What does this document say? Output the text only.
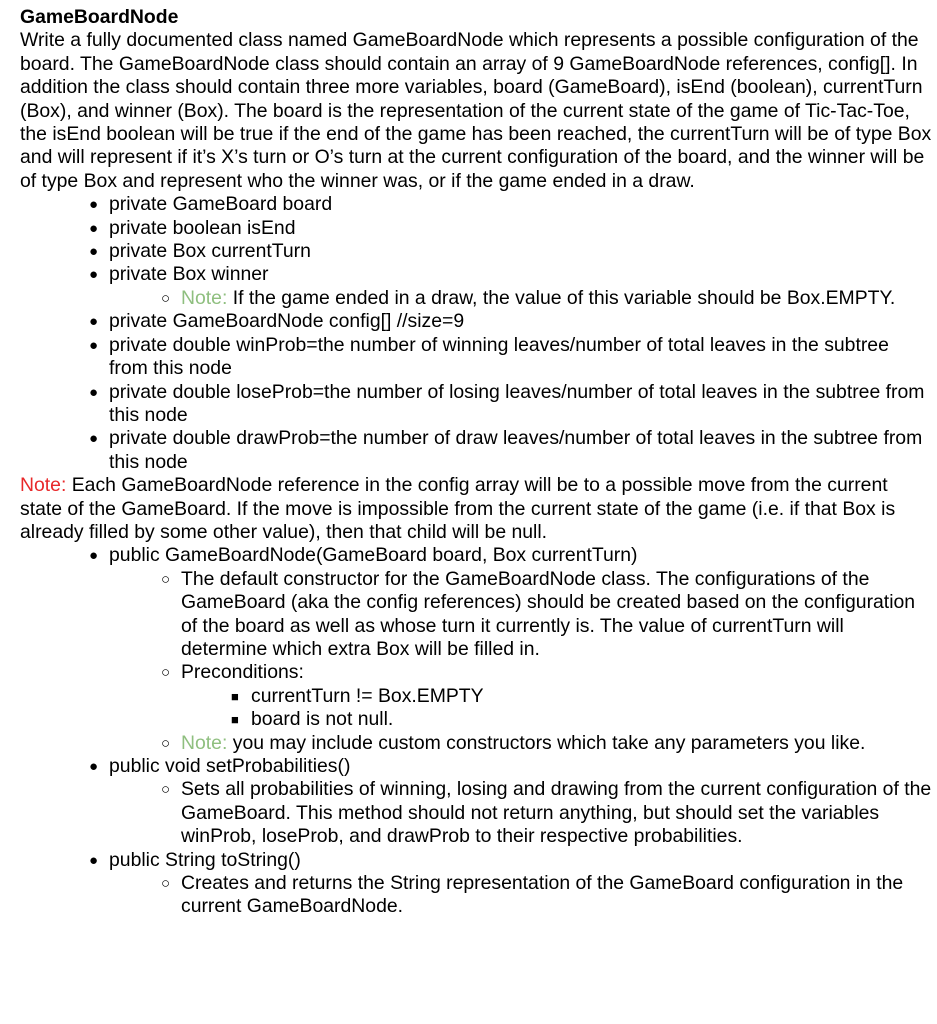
GameBoardNode

Write a fully documented class named GameBoardNode which represents a possible configuration of the board. The GameBoardNode class should contain an array of 9 GameBoardNode references, config[]. In addition the class should contain three more variables, board (GameBoard), isEnd (boolean), currentTurn (Box), and winner (Box). The board is the representation of the current state of the game of Tic-Tac-Toe, the isEnd boolean will be true if the end of the game has been reached, the currentTurn will be of type Box and will represent if it’s X’s turn or O’s turn at the current configuration of the board, and the winner will be of type Box and represent who the winner was, or if the game ended in a draw.

● private GameBoard board
● private boolean isEnd
● private Box currentTurn
● private Box winner
○ Note: If the game ended in a draw, the value of this variable should be Box.EMPTY.
● private GameBoardNode config[] //size=9
● private double winProb=the number of winning leaves/number of total leaves in the subtree from this node
● private double loseProb=the number of losing leaves/number of total leaves in the subtree from this node
● private double drawProb=the number of draw leaves/number of total leaves in the subtree from this node

Note: Each GameBoardNode reference in the config array will be to a possible move from the current state of the GameBoard. If the move is impossible from the current state of the game (i.e. if that Box is already filled by some other value), then that child will be null.

● public GameBoardNode(GameBoard board, Box currentTurn)
○ The default constructor for the GameBoardNode class. The configurations of the GameBoard (aka the config references) should be created based on the configuration of the board as well as whose turn it currently is. The value of currentTurn will determine which extra Box will be filled in.
○ Preconditions:
■ currentTurn != Box.EMPTY
■ board is not null.
○ Note: you may include custom constructors which take any parameters you like.
● public void setProbabilities()
○ Sets all probabilities of winning, losing and drawing from the current configuration of the GameBoard. This method should not return anything, but should set the variables winProb, loseProb, and drawProb to their respective probabilities.
● public String toString()
○ Creates and returns the String representation of the GameBoard configuration in the current GameBoardNode.
